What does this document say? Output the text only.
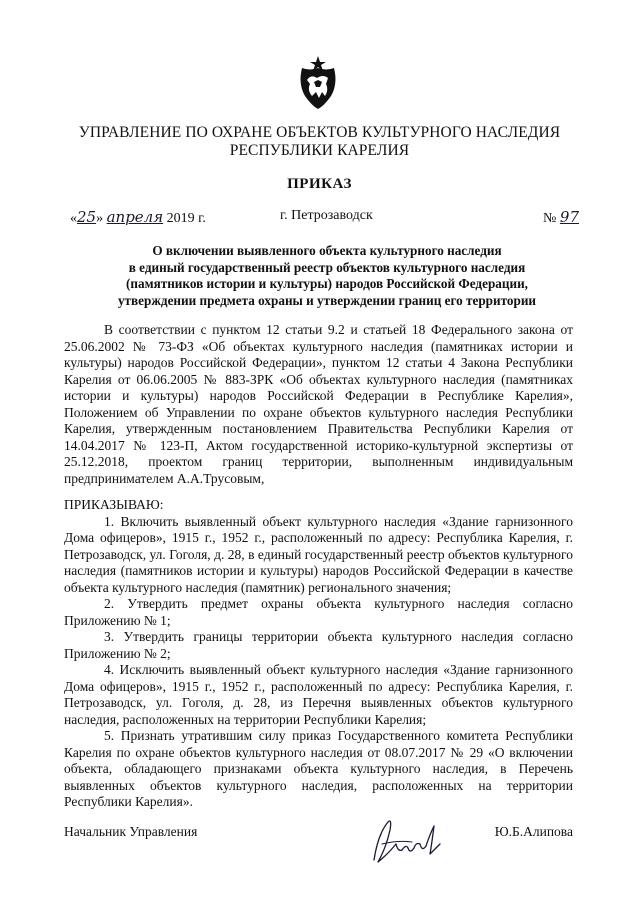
УПРАВЛЕНИЕ ПО ОХРАНЕ ОБЪЕКТОВ КУЛЬТУРНОГО НАСЛЕДИЯ
РЕСПУБЛИКИ КАРЕЛИЯ
ПРИКАЗ
«25» апреля 2019 г.	г. Петрозаводск	№ 97
О включении выявленного объекта культурного наследия
в единый государственный реестр объектов культурного наследия
(памятников истории и культуры) народов Российской Федерации,
утверждении предмета охраны и утверждении границ его территории

В соответствии с пунктом 12 статьи 9.2 и статьей 18 Федерального закона от 25.06.2002 № 73-ФЗ «Об объектах культурного наследия (памятниках истории и культуры) народов Российской Федерации», пунктом 12 статьи 4 Закона Республики Карелия от 06.06.2005 № 883-ЗРК «Об объектах культурного наследия (памятниках истории и культуры) народов Российской Федерации в Республике Карелия», Положением об Управлении по охране объектов культурного наследия Республики Карелия, утвержденным постановлением Правительства Республики Карелия от 14.04.2017 № 123-П, Актом государственной историко-культурной экспертизы от 25.12.2018, проектом границ территории, выполненным индивидуальным предпринимателем А.А.Трусовым,

ПРИКАЗЫВАЮ:

1. Включить выявленный объект культурного наследия «Здание гарнизонного Дома офицеров», 1915 г., 1952 г., расположенный по адресу: Республика Карелия, г. Петрозаводск, ул. Гоголя, д. 28, в единый государственный реестр объектов культурного наследия (памятников истории и культуры) народов Российской Федерации в качестве объекта культурного наследия (памятник) регионального значения;

2. Утвердить предмет охраны объекта культурного наследия согласно Приложению № 1;

3. Утвердить границы территории объекта культурного наследия согласно Приложению № 2;

4. Исключить выявленный объект культурного наследия «Здание гарнизонного Дома офицеров», 1915 г., 1952 г., расположенный по адресу: Республика Карелия, г. Петрозаводск, ул. Гоголя, д. 28, из Перечня выявленных объектов культурного наследия, расположенных на территории Республики Карелия;

5. Признать утратившим силу приказ Государственного комитета Республики Карелия по охране объектов культурного наследия от 08.07.2017 № 29 «О включении объекта, обладающего признаками объекта культурного наследия, в Перечень выявленных объектов культурного наследия, расположенных на территории Республики Карелия».

Начальник Управления	Ю.Б.Алипова
